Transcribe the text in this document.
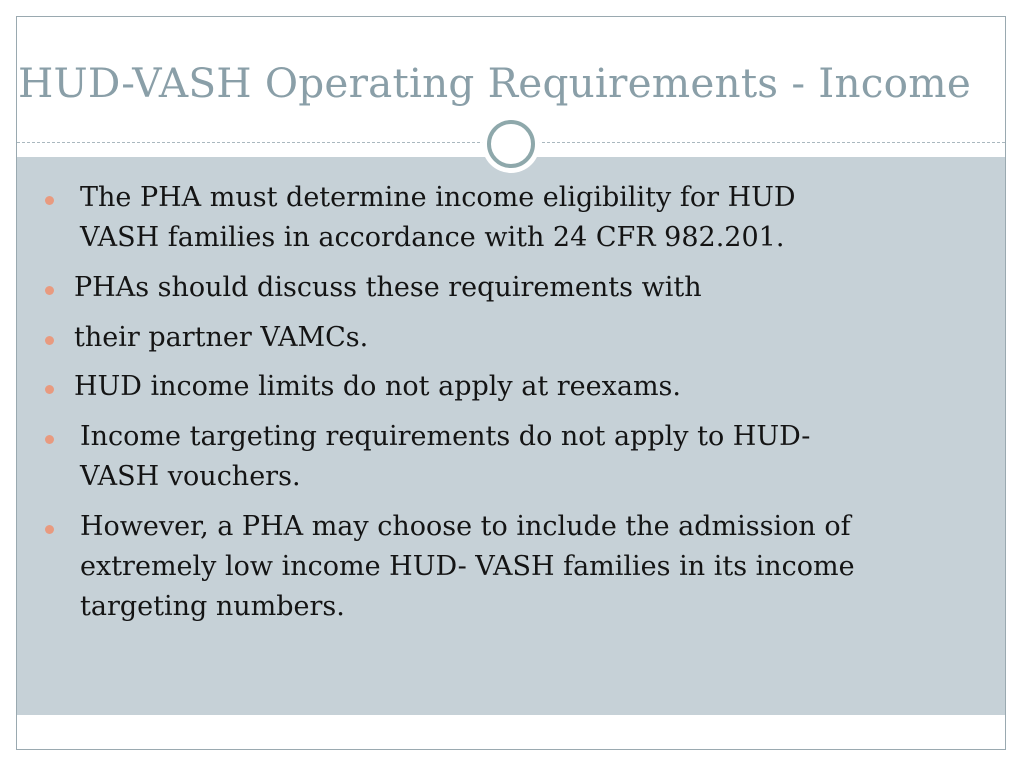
HUD-VASH Operating Requirements - Income
The PHA must determine income eligibility for HUD
VASH families in accordance with 24 CFR 982.201.
PHAs should discuss these requirements with
their partner VAMCs.
HUD income limits do not apply at reexams.
Income targeting requirements do not apply to HUD-
VASH vouchers.
However, a PHA may choose to include the admission of
extremely low income HUD- VASH families in its income
targeting numbers.
